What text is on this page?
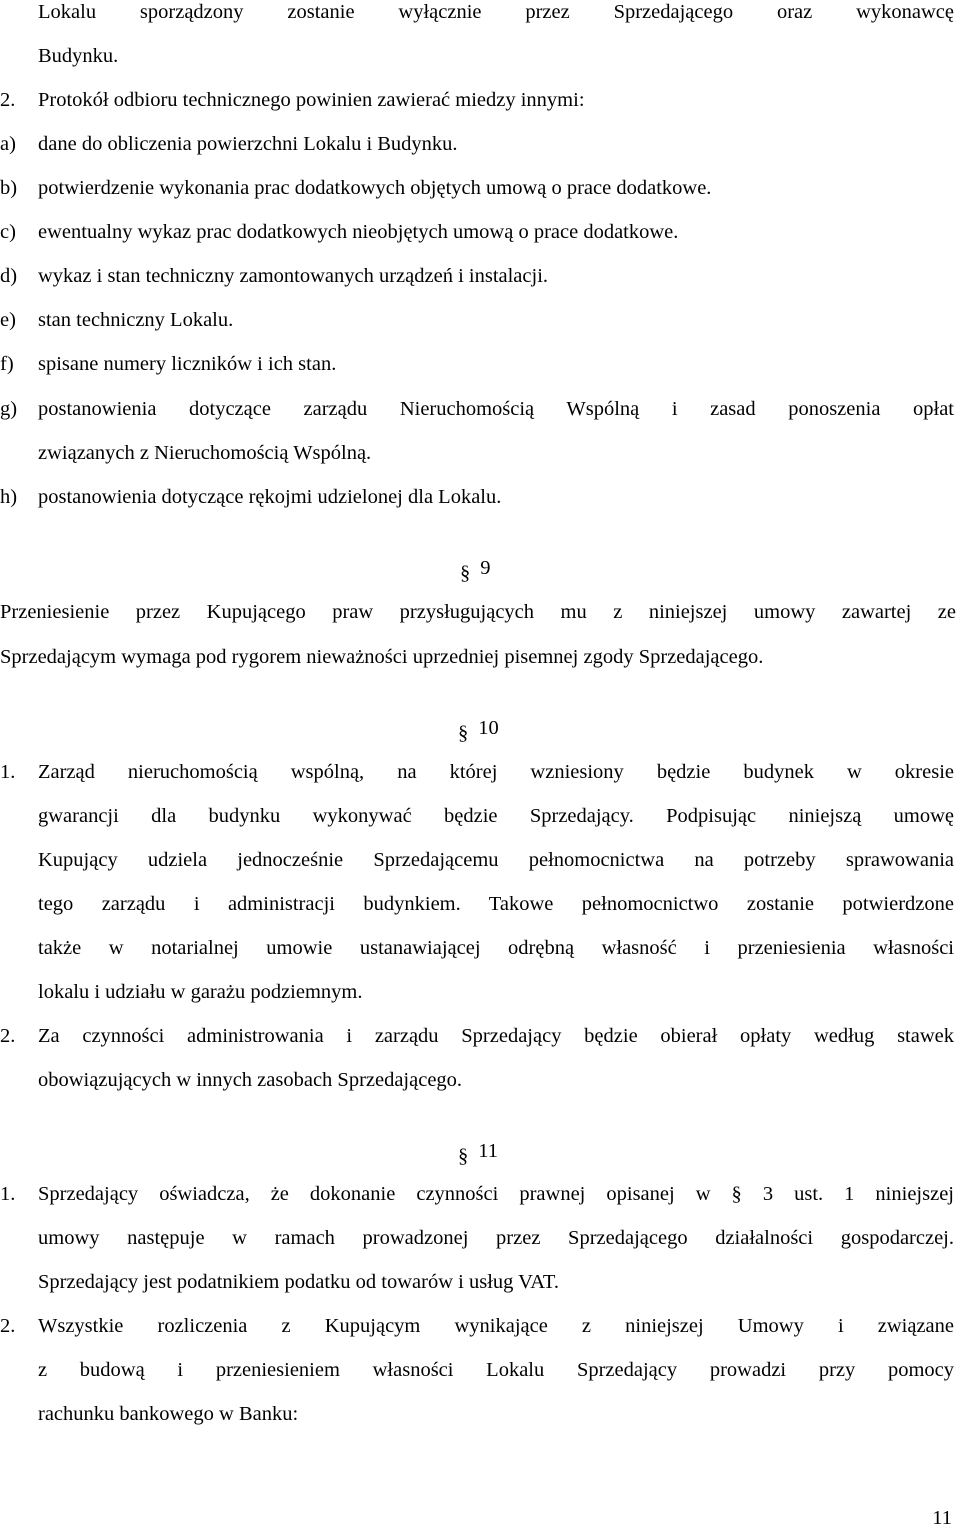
Lokalu sporządzony zostanie wyłącznie przez Sprzedającego oraz wykonawcę
Budynku.
2. Protokół odbioru technicznego powinien zawierać miedzy innymi:
a) dane do obliczenia powierzchni Lokalu i Budynku.
b) potwierdzenie wykonania prac dodatkowych objętych umową o prace dodatkowe.
c) ewentualny wykaz prac dodatkowych nieobjętych umową o prace dodatkowe.
d) wykaz i stan techniczny zamontowanych urządzeń i instalacji.
e) stan techniczny Lokalu.
f) spisane numery liczników i ich stan.
g) postanowienia dotyczące zarządu Nieruchomością Wspólną i zasad ponoszenia opłat
związanych z Nieruchomością Wspólną.
h) postanowienia dotyczące rękojmi udzielonej dla Lokalu.
§ 9
Przeniesienie przez Kupującego praw przysługujących mu z niniejszej umowy zawartej ze
Sprzedającym wymaga pod rygorem nieważności uprzedniej pisemnej zgody Sprzedającego.
§ 10
1. Zarząd nieruchomością wspólną, na której wzniesiony będzie budynek w okresie
gwarancji dla budynku wykonywać będzie Sprzedający. Podpisując niniejszą umowę
Kupujący udziela jednocześnie Sprzedającemu pełnomocnictwa na potrzeby sprawowania
tego zarządu i administracji budynkiem. Takowe pełnomocnictwo zostanie potwierdzone
także w notarialnej umowie ustanawiającej odrębną własność i przeniesienia własności
lokalu i udziału w garażu podziemnym.
2. Za czynności administrowania i zarządu Sprzedający będzie obierał opłaty według stawek
obowiązujących w innych zasobach Sprzedającego.
§ 11
1. Sprzedający oświadcza, że dokonanie czynności prawnej opisanej w § 3 ust. 1 niniejszej
umowy następuje w ramach prowadzonej przez Sprzedającego działalności gospodarczej.
Sprzedający jest podatnikiem podatku od towarów i usług VAT.
2. Wszystkie rozliczenia z Kupującym wynikające z niniejszej Umowy i związane
z budową i przeniesieniem własności Lokalu Sprzedający prowadzi przy pomocy
rachunku bankowego w Banku:
11
